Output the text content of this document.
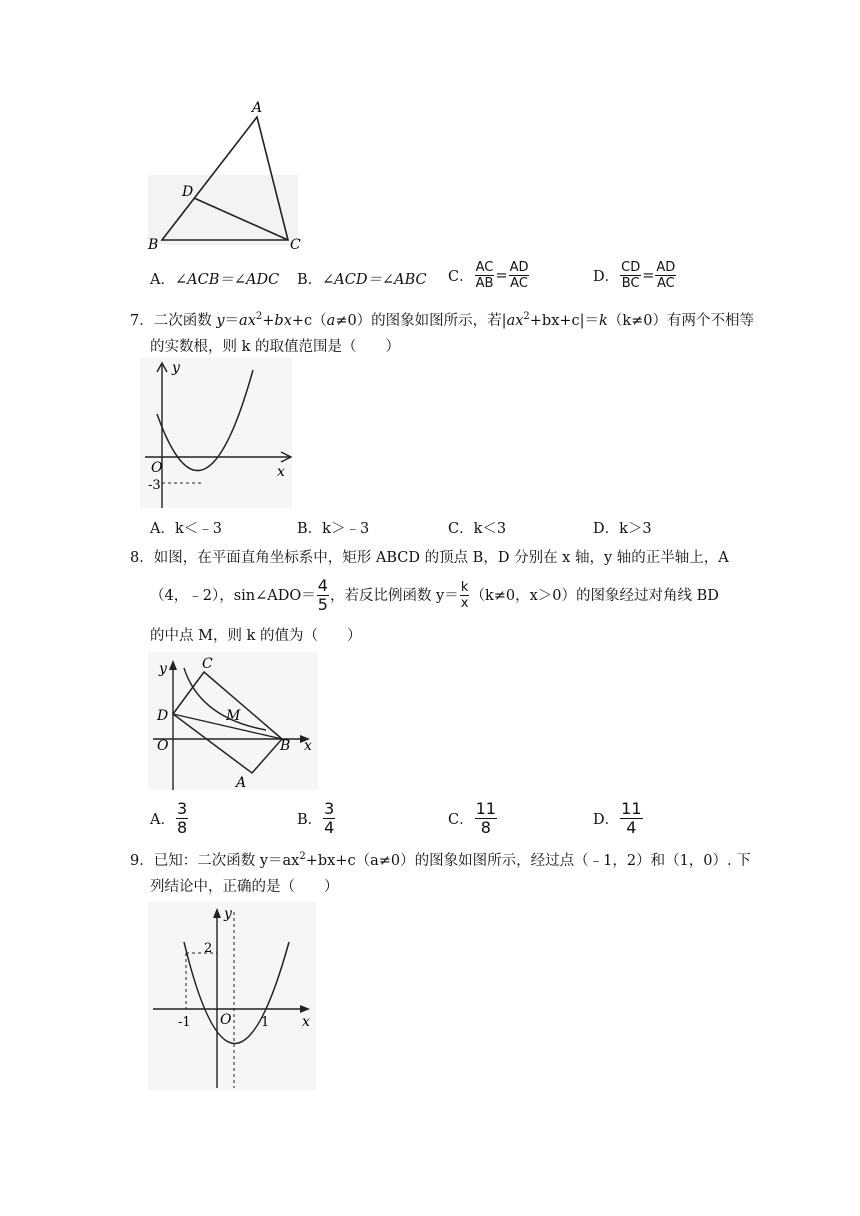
A
D
B	C
A． ∠ACB＝∠ADC B． ∠ACD＝∠ABC C． $\frac{AC}{AB} = \frac{AD}{AC}$	D． $\frac{CD}{BC} = \frac{AD}{AC}$
7．二次函数 $y=ax^2+bx+c(a\ne 0)$的图象如图所示，若$|ax^2+bx+c|=k(k\ne 0)$有两个不相等
的实数根，则 k 的取值范围是（　　）
y
x
O
-3
A．k＜﹣3	B．k＞﹣3	C．k＜3	D．k＞3
8．如图，在平面直角坐标系中，矩形 ABCD 的顶点 B，D 分别在 x 轴，y 轴的正半轴上，A
（4，﹣2），sin∠ADO＝ $\frac{4}{5}$ ，若反比例函数 $y= \frac{k}{x} (k\ne 0$，x＞0）的图象经过对角线 BD
的中点 M，则 k 的值为（　　）
y
x
O
C
D	M
B
A
A． $\frac{3}{8}$	B． $\frac{3}{4}$	C． $\frac{11}{8}$	D． $\frac{11}{4}$
9．已知：二次函数 $y=ax^2+bx+c(a\ne 0)$的图象如图所示，经过点（﹣1，2）和（1，0）. 下
列结论中，正确的是（　　）
y
x
O
2
-1	1
